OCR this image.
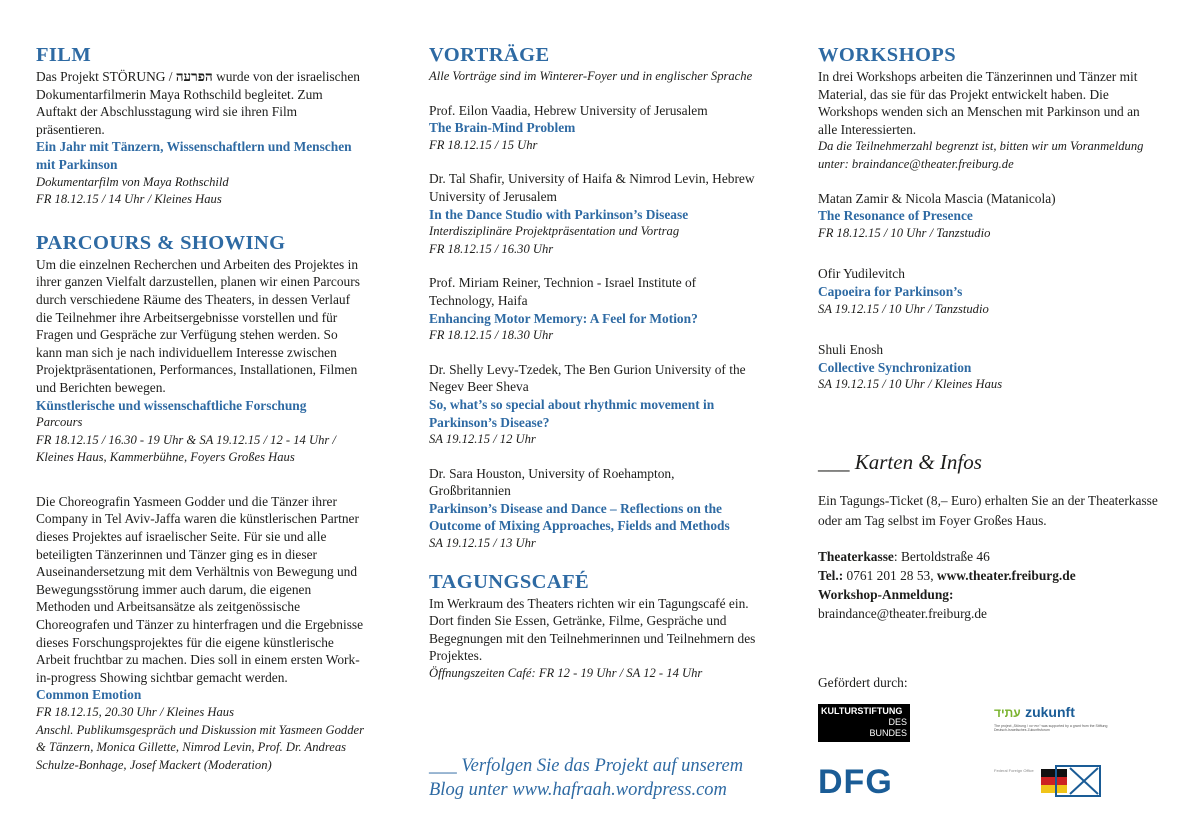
FILM

Das Projekt STÖRUNG / הפרעה wurde von der israelischen Dokumentarfilmerin Maya Rothschild begleitet. Zum Auftakt der Abschlusstagung wird sie ihren Film präsentieren.

Ein Jahr mit Tänzern, Wissenschaftlern und Menschen mit Parkinson

Dokumentarfilm von Maya Rothschild

FR 18.12.15 / 14 Uhr / Kleines Haus

PARCOURS & SHOWING

Um die einzelnen Recherchen und Arbeiten des Projektes in ihrer ganzen Vielfalt darzustellen, planen wir einen Parcours durch verschiedene Räume des Theaters, in dessen Verlauf die Teilnehmer ihre Arbeitsergebnisse vorstellen und für Fragen und Gespräche zur Verfügung stehen werden. So kann man sich je nach individuellem Interesse zwischen Projektpräsentationen, Performances, Installationen, Filmen und Berichten bewegen.

Künstlerische und wissenschaftliche Forschung

Parcours

FR 18.12.15 / 16.30 - 19 Uhr & SA 19.12.15 / 12 - 14 Uhr / Kleines Haus, Kammerbühne, Foyers Großes Haus

Die Choreografin Yasmeen Godder und die Tänzer ihrer Company in Tel Aviv-Jaffa waren die künstlerischen Partner dieses Projektes auf israelischer Seite. Für sie und alle beteiligten Tänzerinnen und Tänzer ging es in dieser Auseinandersetzung mit dem Verhältnis von Bewegung und Bewegungsstörung immer auch darum, die eigenen Methoden und Arbeitsansätze als zeitgenössische Choreografen und Tänzer zu hinterfragen und die Ergebnisse dieses Forschungsprojektes für die eigene künstlerische Arbeit fruchtbar zu machen. Dies soll in einem ersten Work-in-progress Showing sichtbar gemacht werden.

Common Emotion

FR 18.12.15, 20.30 Uhr / Kleines Haus

Anschl. Publikumsgespräch und Diskussion mit Yasmeen Godder & Tänzern, Monica Gillette, Nimrod Levin, Prof. Dr. Andreas Schulze-Bonhage, Josef Mackert (Moderation)

VORTRÄGE

Alle Vorträge sind im Winterer-Foyer und in englischer Sprache

Prof. Eilon Vaadia, Hebrew University of Jerusalem

The Brain-Mind Problem

FR 18.12.15 / 15 Uhr

Dr. Tal Shafir, University of Haifa & Nimrod Levin, Hebrew University of Jerusalem

In the Dance Studio with Parkinson’s Disease

Interdisziplinäre Projektpräsentation und Vortrag

FR 18.12.15 / 16.30 Uhr

Prof. Miriam Reiner, Technion - Israel Institute of Technology, Haifa

Enhancing Motor Memory: A Feel for Motion?

FR 18.12.15 / 18.30 Uhr

Dr. Shelly Levy-Tzedek, The Ben Gurion University of the Negev Beer Sheva

So, what’s so special about rhythmic movement in Parkinson’s Disease?

SA 19.12.15 / 12 Uhr

Dr. Sara Houston, University of Roehampton, Großbritannien

Parkinson’s Disease and Dance – Reflections on the Outcome of Mixing Approaches, Fields and Methods

SA 19.12.15 / 13 Uhr

TAGUNGSCAFÉ

Im Werkraum des Theaters richten wir ein Tagungscafé ein. Dort finden Sie Essen, Getränke, Filme, Gespräche und Begegnungen mit den Teilnehmerinnen und Teilnehmern des Projektes.

Öffnungszeiten Café: FR 12 - 19 Uhr / SA 12 - 14 Uhr

___ Verfolgen Sie das Projekt auf unserem

Blog unter www.hafraah.wordpress.com

WORKSHOPS

In drei Workshops arbeiten die Tänzerinnen und Tänzer mit Material, das sie für das Projekt entwickelt haben. Die Workshops wenden sich an Menschen mit Parkinson und an alle Interessierten.

Da die Teilnehmerzahl begrenzt ist, bitten wir um Voranmeldung unter: braindance@theater.freiburg.de

Matan Zamir & Nicola Mascia (Matanicola)

The Resonance of Presence

FR 18.12.15 / 10 Uhr / Tanzstudio

Ofir Yudilevitch

Capoeira for Parkinson’s

SA 19.12.15 / 10 Uhr / Tanzstudio

Shuli Enosh

Collective Synchronization

SA 19.12.15 / 10 Uhr / Kleines Haus

___ Karten & Infos

Ein Tagungs-Ticket (8,– Euro) erhalten Sie an der Theaterkasse oder am Tag selbst im Foyer Großes Haus.

Theaterkasse: Bertoldstraße 46

Tel.: 0761 201 28 53, www.theater.freiburg.de

Workshop-Anmeldung:

braindance@theater.freiburg.de

Gefördert durch:

KULTURSTIFTUNG
DES
BUNDES
עתיד zukunft
The project „Störung / הפרעה“ was supported by a grant from the Stiftung Deutsch-Israelisches Zukunftsforum
DFG	Federal Foreign Office
